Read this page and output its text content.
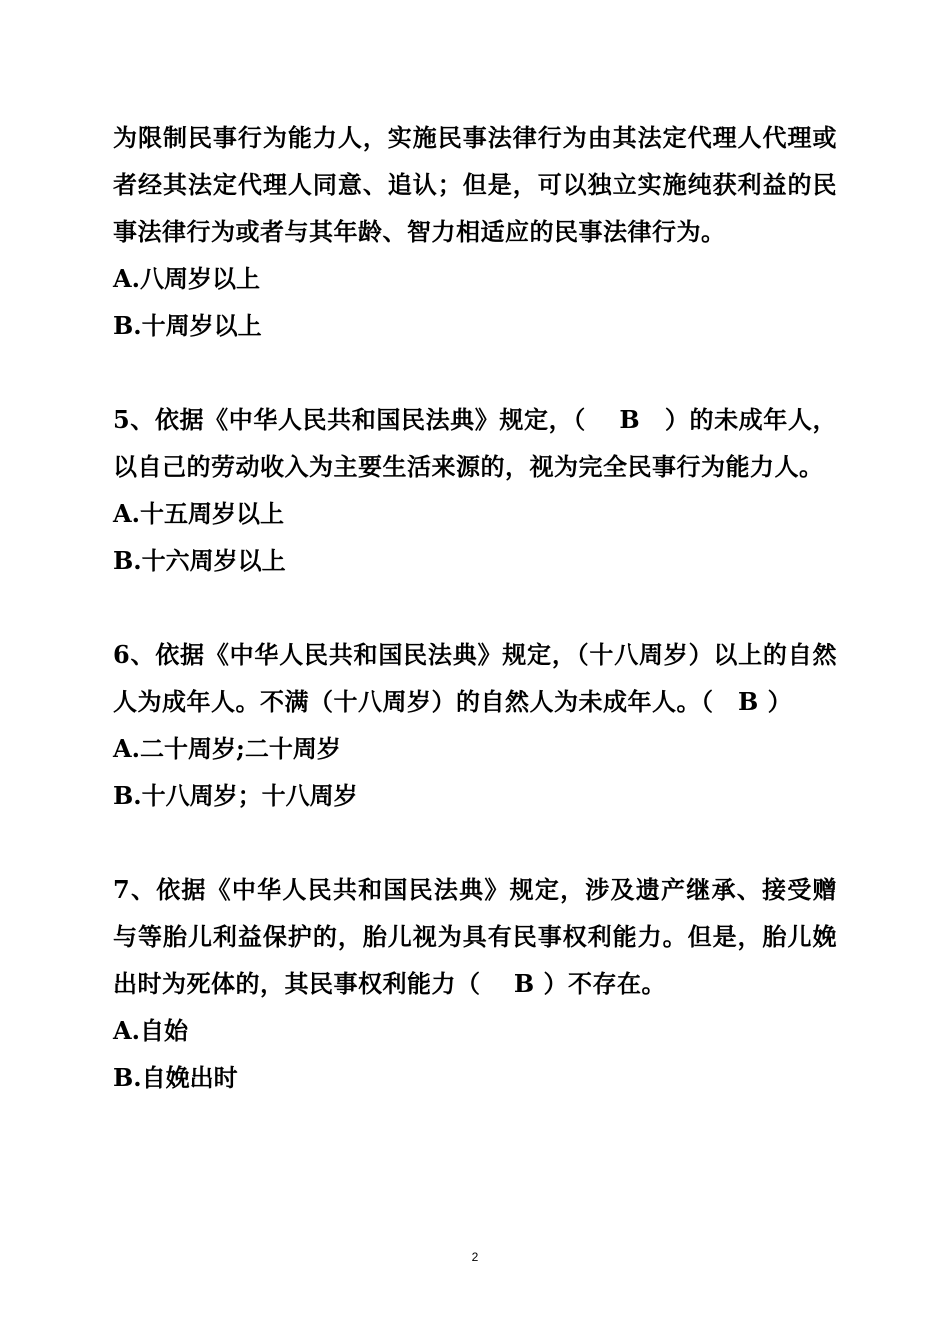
为限制民事行为能力人，实施民事法律行为由其法定代理人代理或者经其法定代理人同意、追认；但是，可以独立实施纯获利益的民事法律行为或者与其年龄、智力相适应的民事法律行为。

A.八周岁以上

B.十周岁以上

5、依据《中华人民共和国民法典》规定，（　 B　）的未成年人，以自己的劳动收入为主要生活来源的，视为完全民事行为能力人。

A.十五周岁以上

B.十六周岁以上

6、依据《中华人民共和国民法典》规定，（十八周岁）以上的自然人为成年人。不满（十八周岁）的自然人为未成年人。（　B ）

A.二十周岁;二十周岁

B.十八周岁；十八周岁

7、依据《中华人民共和国民法典》规定，涉及遗产继承、接受赠与等胎儿利益保护的，胎儿视为具有民事权利能力。但是，胎儿娩出时为死体的，其民事权利能力（　 B ）不存在。

A.自始

B.自娩出时

2
